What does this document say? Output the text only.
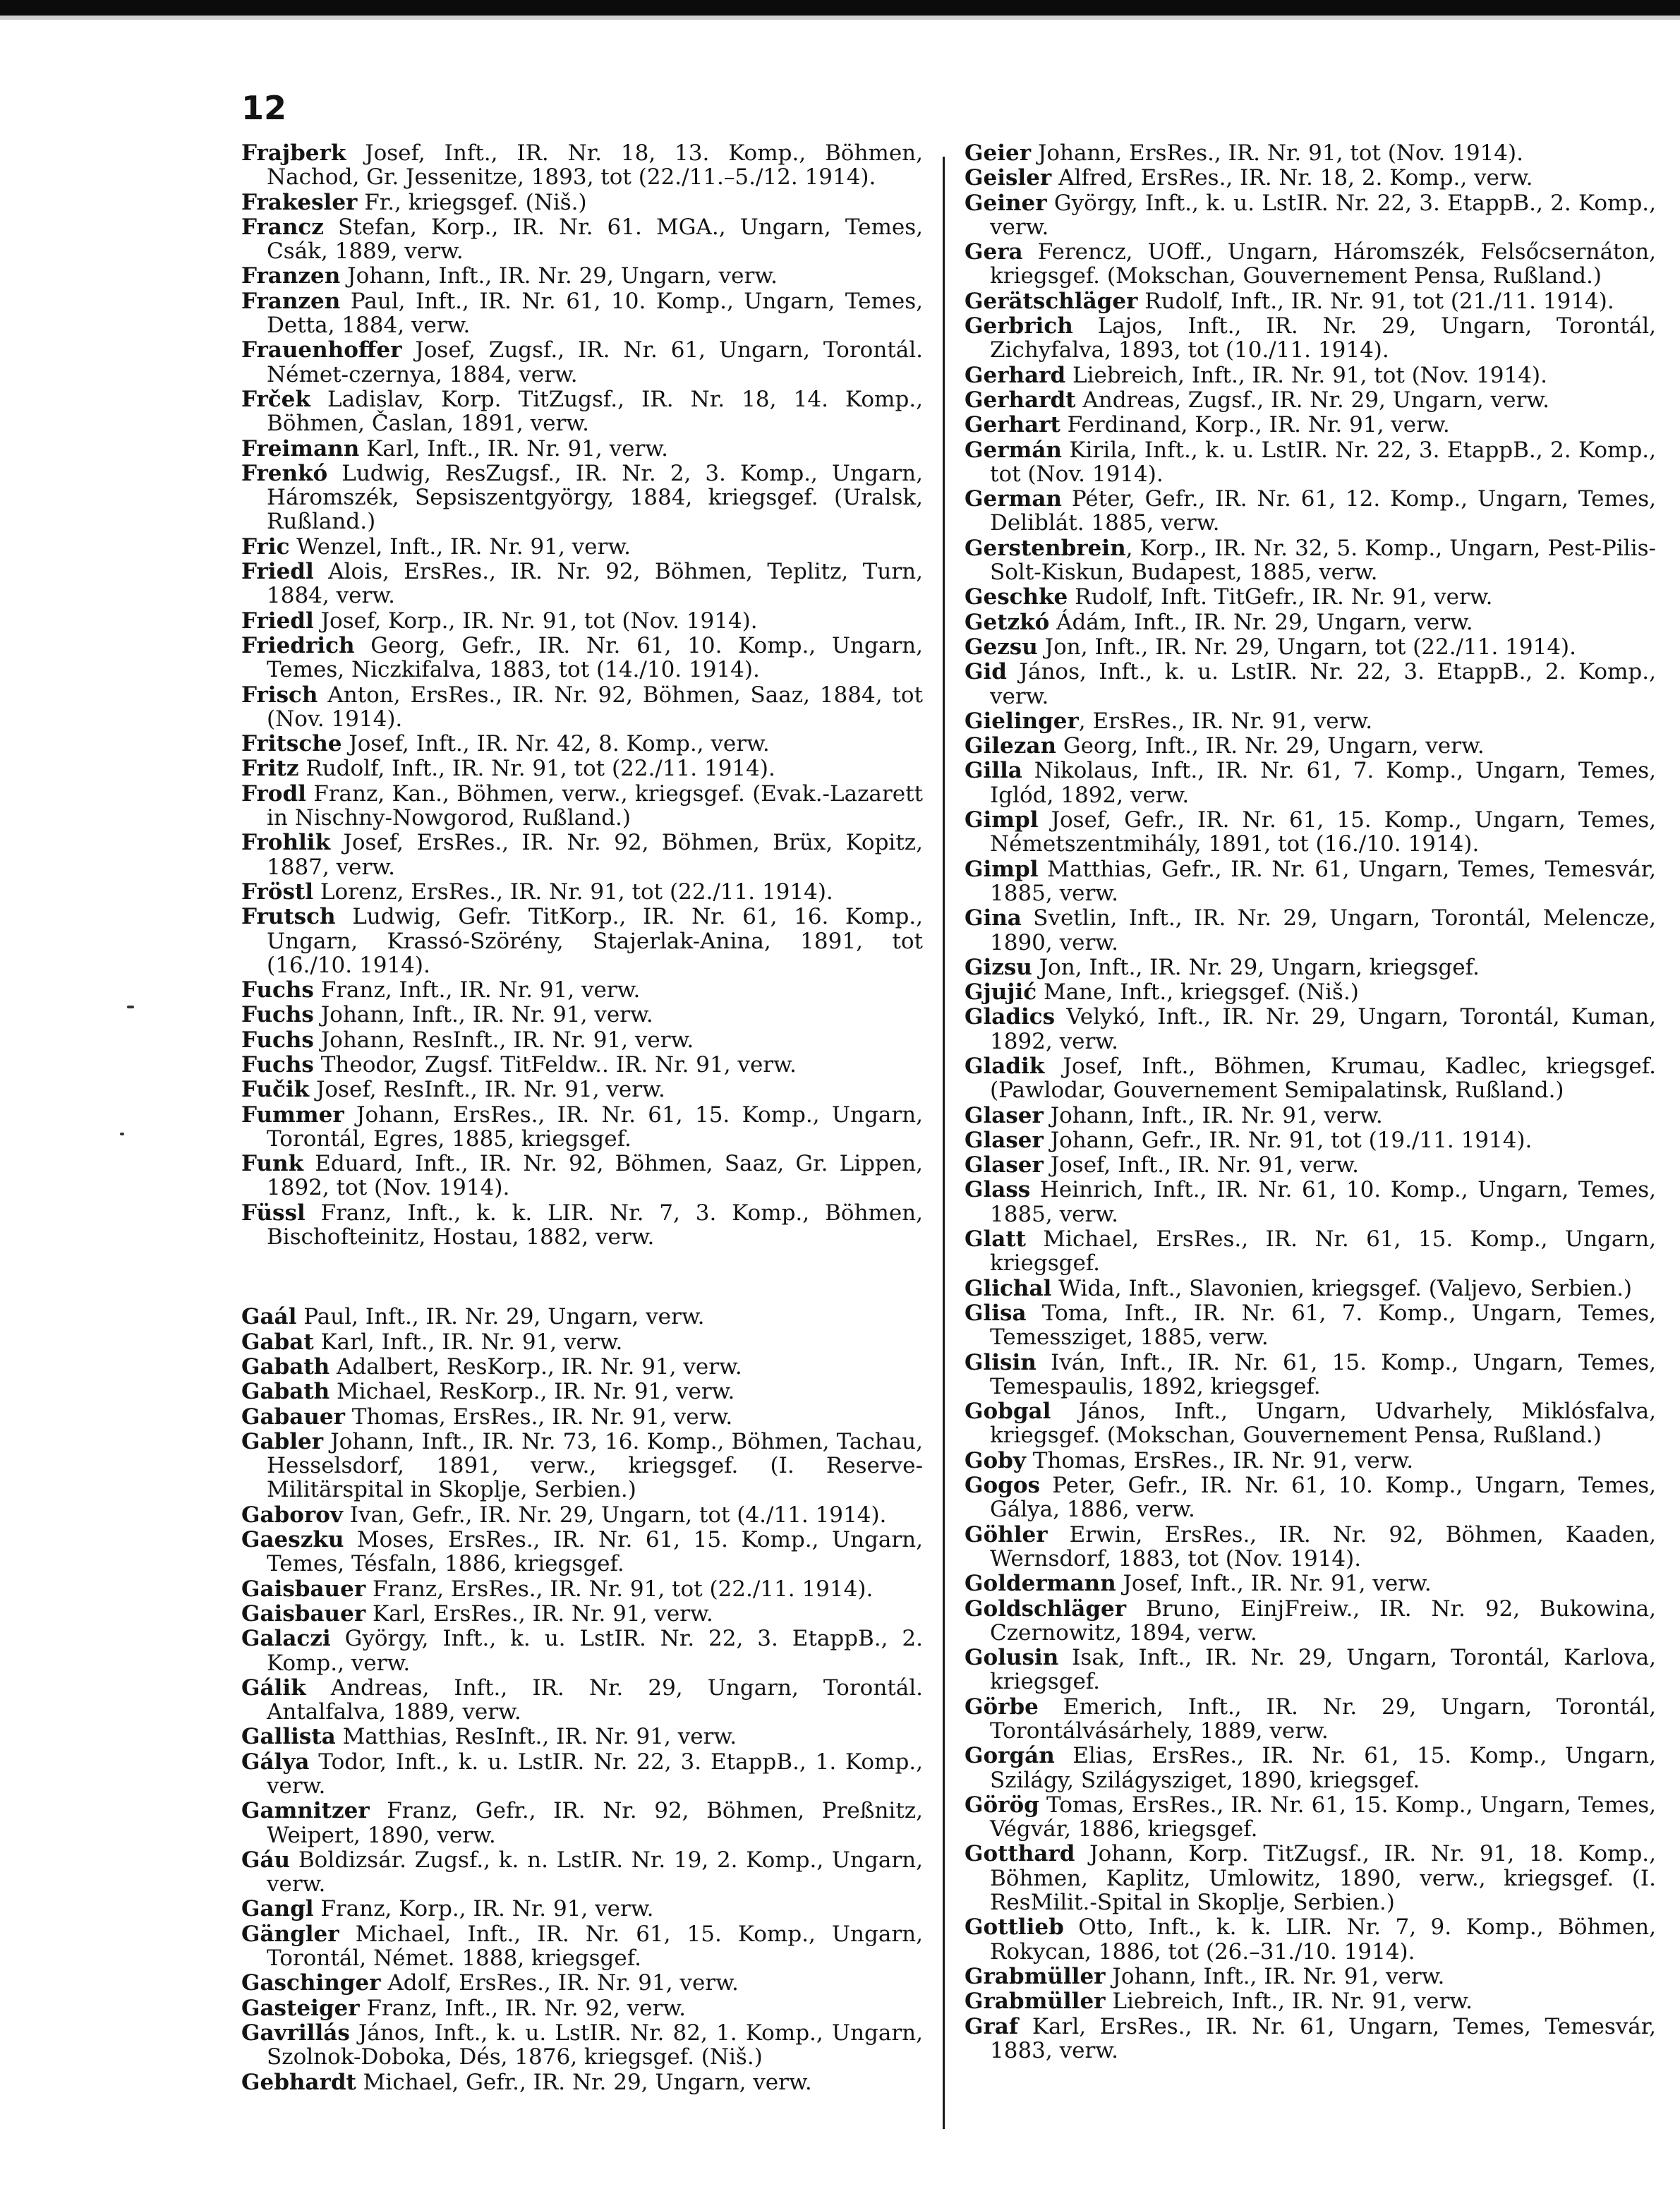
12
Frajberk Josef, Inft., IR. Nr. 18, 13. Komp., Böhmen, Nachod, Gr. Jessenitze, 1893, tot (22./11.–5./12. 1914).
Frakesler Fr., kriegsgef. (Niš.)
Francz Stefan, Korp., IR. Nr. 61. MGA., Ungarn, Temes, Csák, 1889, verw.
Franzen Johann, Inft., IR. Nr. 29, Ungarn, verw.
Franzen Paul, Inft., IR. Nr. 61, 10. Komp., Ungarn, Temes, Detta, 1884, verw.
Frauenhoffer Josef, Zugsf., IR. Nr. 61, Ungarn, Torontál. Német-czernya, 1884, verw.
Frček Ladislav, Korp. TitZugsf., IR. Nr. 18, 14. Komp., Böhmen, Časlan, 1891, verw.
Freimann Karl, Inft., IR. Nr. 91, verw.
Frenkó Ludwig, ResZugsf., IR. Nr. 2, 3. Komp., Ungarn, Háromszék, Sepsiszentgyörgy, 1884, kriegsgef. (Uralsk, Rußland.)
Fric Wenzel, Inft., IR. Nr. 91, verw.
Friedl Alois, ErsRes., IR. Nr. 92, Böhmen, Teplitz, Turn, 1884, verw.
Friedl Josef, Korp., IR. Nr. 91, tot (Nov. 1914).
Friedrich Georg, Gefr., IR. Nr. 61, 10. Komp., Ungarn, Temes, Niczkifalva, 1883, tot (14./10. 1914).
Frisch Anton, ErsRes., IR. Nr. 92, Böhmen, Saaz, 1884, tot (Nov. 1914).
Fritsche Josef, Inft., IR. Nr. 42, 8. Komp., verw.
Fritz Rudolf, Inft., IR. Nr. 91, tot (22./11. 1914).
Frodl Franz, Kan., Böhmen, verw., kriegsgef. (Evak.-Lazarett in Nischny-Nowgorod, Rußland.)
Frohlik Josef, ErsRes., IR. Nr. 92, Böhmen, Brüx, Kopitz, 1887, verw.
Fröstl Lorenz, ErsRes., IR. Nr. 91, tot (22./11. 1914).
Frutsch Ludwig, Gefr. TitKorp., IR. Nr. 61, 16. Komp., Ungarn, Krassó-Szörény, Stajerlak-Anina, 1891, tot (16./10. 1914).
Fuchs Franz, Inft., IR. Nr. 91, verw.
Fuchs Johann, Inft., IR. Nr. 91, verw.
Fuchs Johann, ResInft., IR. Nr. 91, verw.
Fuchs Theodor, Zugsf. TitFeldw.. IR. Nr. 91, verw.
Fučik Josef, ResInft., IR. Nr. 91, verw.
Fummer Johann, ErsRes., IR. Nr. 61, 15. Komp., Ungarn, Torontál, Egres, 1885, kriegsgef.
Funk Eduard, Inft., IR. Nr. 92, Böhmen, Saaz, Gr. Lippen, 1892, tot (Nov. 1914).
Füssl Franz, Inft., k. k. LIR. Nr. 7, 3. Komp., Böhmen, Bischofteinitz, Hostau, 1882, verw.
Gaál Paul, Inft., IR. Nr. 29, Ungarn, verw.
Gabat Karl, Inft., IR. Nr. 91, verw.
Gabath Adalbert, ResKorp., IR. Nr. 91, verw.
Gabath Michael, ResKorp., IR. Nr. 91, verw.
Gabauer Thomas, ErsRes., IR. Nr. 91, verw.
Gabler Johann, Inft., IR. Nr. 73, 16. Komp., Böhmen, Tachau, Hesselsdorf, 1891, verw., kriegsgef. (I. Reserve-Militärspital in Skoplje, Serbien.)
Gaborov Ivan, Gefr., IR. Nr. 29, Ungarn, tot (4./11. 1914).
Gaeszku Moses, ErsRes., IR. Nr. 61, 15. Komp., Ungarn, Temes, Tésfaln, 1886, kriegsgef.
Gaisbauer Franz, ErsRes., IR. Nr. 91, tot (22./11. 1914).
Gaisbauer Karl, ErsRes., IR. Nr. 91, verw.
Galaczi György, Inft., k. u. LstIR. Nr. 22, 3. EtappB., 2. Komp., verw.
Gálik Andreas, Inft., IR. Nr. 29, Ungarn, Torontál. Antalfalva, 1889, verw.
Gallista Matthias, ResInft., IR. Nr. 91, verw.
Gálya Todor, Inft., k. u. LstIR. Nr. 22, 3. EtappB., 1. Komp., verw.
Gamnitzer Franz, Gefr., IR. Nr. 92, Böhmen, Preßnitz, Weipert, 1890, verw.
Gáu Boldizsár. Zugsf., k. n. LstIR. Nr. 19, 2. Komp., Ungarn, verw.
Gangl Franz, Korp., IR. Nr. 91, verw.
Gängler Michael, Inft., IR. Nr. 61, 15. Komp., Ungarn, Torontál, Német. 1888, kriegsgef.
Gaschinger Adolf, ErsRes., IR. Nr. 91, verw.
Gasteiger Franz, Inft., IR. Nr. 92, verw.
Gavrillás János, Inft., k. u. LstIR. Nr. 82, 1. Komp., Ungarn, Szolnok-Doboka, Dés, 1876, kriegsgef. (Niš.)
Gebhardt Michael, Gefr., IR. Nr. 29, Ungarn, verw.
Geier Johann, ErsRes., IR. Nr. 91, tot (Nov. 1914).
Geisler Alfred, ErsRes., IR. Nr. 18, 2. Komp., verw.
Geiner György, Inft., k. u. LstIR. Nr. 22, 3. EtappB., 2. Komp., verw.
Gera Ferencz, UOff., Ungarn, Háromszék, Felsőcsernáton, kriegsgef. (Mokschan, Gouvernement Pensa, Rußland.)
Gerätschläger Rudolf, Inft., IR. Nr. 91, tot (21./11. 1914).
Gerbrich Lajos, Inft., IR. Nr. 29, Ungarn, Torontál, Zichyfalva, 1893, tot (10./11. 1914).
Gerhard Liebreich, Inft., IR. Nr. 91, tot (Nov. 1914).
Gerhardt Andreas, Zugsf., IR. Nr. 29, Ungarn, verw.
Gerhart Ferdinand, Korp., IR. Nr. 91, verw.
Germán Kirila, Inft., k. u. LstIR. Nr. 22, 3. EtappB., 2. Komp., tot (Nov. 1914).
German Péter, Gefr., IR. Nr. 61, 12. Komp., Ungarn, Temes, Deliblát. 1885, verw.
Gerstenbrein, Korp., IR. Nr. 32, 5. Komp., Ungarn, Pest-Pilis-Solt-Kiskun, Budapest, 1885, verw.
Geschke Rudolf, Inft. TitGefr., IR. Nr. 91, verw.
Getzkó Ádám, Inft., IR. Nr. 29, Ungarn, verw.
Gezsu Jon, Inft., IR. Nr. 29, Ungarn, tot (22./11. 1914).
Gid János, Inft., k. u. LstIR. Nr. 22, 3. EtappB., 2. Komp., verw.
Gielinger, ErsRes., IR. Nr. 91, verw.
Gilezan Georg, Inft., IR. Nr. 29, Ungarn, verw.
Gilla Nikolaus, Inft., IR. Nr. 61, 7. Komp., Ungarn, Temes, Iglód, 1892, verw.
Gimpl Josef, Gefr., IR. Nr. 61, 15. Komp., Ungarn, Temes, Németszentmihály, 1891, tot (16./10. 1914).
Gimpl Matthias, Gefr., IR. Nr. 61, Ungarn, Temes, Temesvár, 1885, verw.
Gina Svetlin, Inft., IR. Nr. 29, Ungarn, Torontál, Melencze, 1890, verw.
Gizsu Jon, Inft., IR. Nr. 29, Ungarn, kriegsgef.
Gjujić Mane, Inft., kriegsgef. (Niš.)
Gladics Velykó, Inft., IR. Nr. 29, Ungarn, Torontál, Kuman, 1892, verw.
Gladik Josef, Inft., Böhmen, Krumau, Kadlec, kriegsgef. (Pawlodar, Gouvernement Semipalatinsk, Rußland.)
Glaser Johann, Inft., IR. Nr. 91, verw.
Glaser Johann, Gefr., IR. Nr. 91, tot (19./11. 1914).
Glaser Josef, Inft., IR. Nr. 91, verw.
Glass Heinrich, Inft., IR. Nr. 61, 10. Komp., Ungarn, Temes, 1885, verw.
Glatt Michael, ErsRes., IR. Nr. 61, 15. Komp., Ungarn, kriegsgef.
Glichal Wida, Inft., Slavonien, kriegsgef. (Valjevo, Serbien.)
Glisa Toma, Inft., IR. Nr. 61, 7. Komp., Ungarn, Temes, Temessziget, 1885, verw.
Glisin Iván, Inft., IR. Nr. 61, 15. Komp., Ungarn, Temes, Temespaulis, 1892, kriegsgef.
Gobgal János, Inft., Ungarn, Udvarhely, Miklósfalva, kriegsgef. (Mokschan, Gouvernement Pensa, Rußland.)
Goby Thomas, ErsRes., IR. Nr. 91, verw.
Gogos Peter, Gefr., IR. Nr. 61, 10. Komp., Ungarn, Temes, Gálya, 1886, verw.
Göhler Erwin, ErsRes., IR. Nr. 92, Böhmen, Kaaden, Wernsdorf, 1883, tot (Nov. 1914).
Goldermann Josef, Inft., IR. Nr. 91, verw.
Goldschläger Bruno, EinjFreiw., IR. Nr. 92, Bukowina, Czernowitz, 1894, verw.
Golusin Isak, Inft., IR. Nr. 29, Ungarn, Torontál, Karlova, kriegsgef.
Görbe Emerich, Inft., IR. Nr. 29, Ungarn, Torontál, Torontálvásárhely, 1889, verw.
Gorgán Elias, ErsRes., IR. Nr. 61, 15. Komp., Ungarn, Szilágy, Szilágysziget, 1890, kriegsgef.
Görög Tomas, ErsRes., IR. Nr. 61, 15. Komp., Ungarn, Temes, Végvár, 1886, kriegsgef.
Gotthard Johann, Korp. TitZugsf., IR. Nr. 91, 18. Komp., Böhmen, Kaplitz, Umlowitz, 1890, verw., kriegsgef. (I. ResMilit.-Spital in Skoplje, Serbien.)
Gottlieb Otto, Inft., k. k. LIR. Nr. 7, 9. Komp., Böhmen, Rokycan, 1886, tot (26.–31./10. 1914).
Grabmüller Johann, Inft., IR. Nr. 91, verw.
Grabmüller Liebreich, Inft., IR. Nr. 91, verw.
Graf Karl, ErsRes., IR. Nr. 61, Ungarn, Temes, Temesvár, 1883, verw.
